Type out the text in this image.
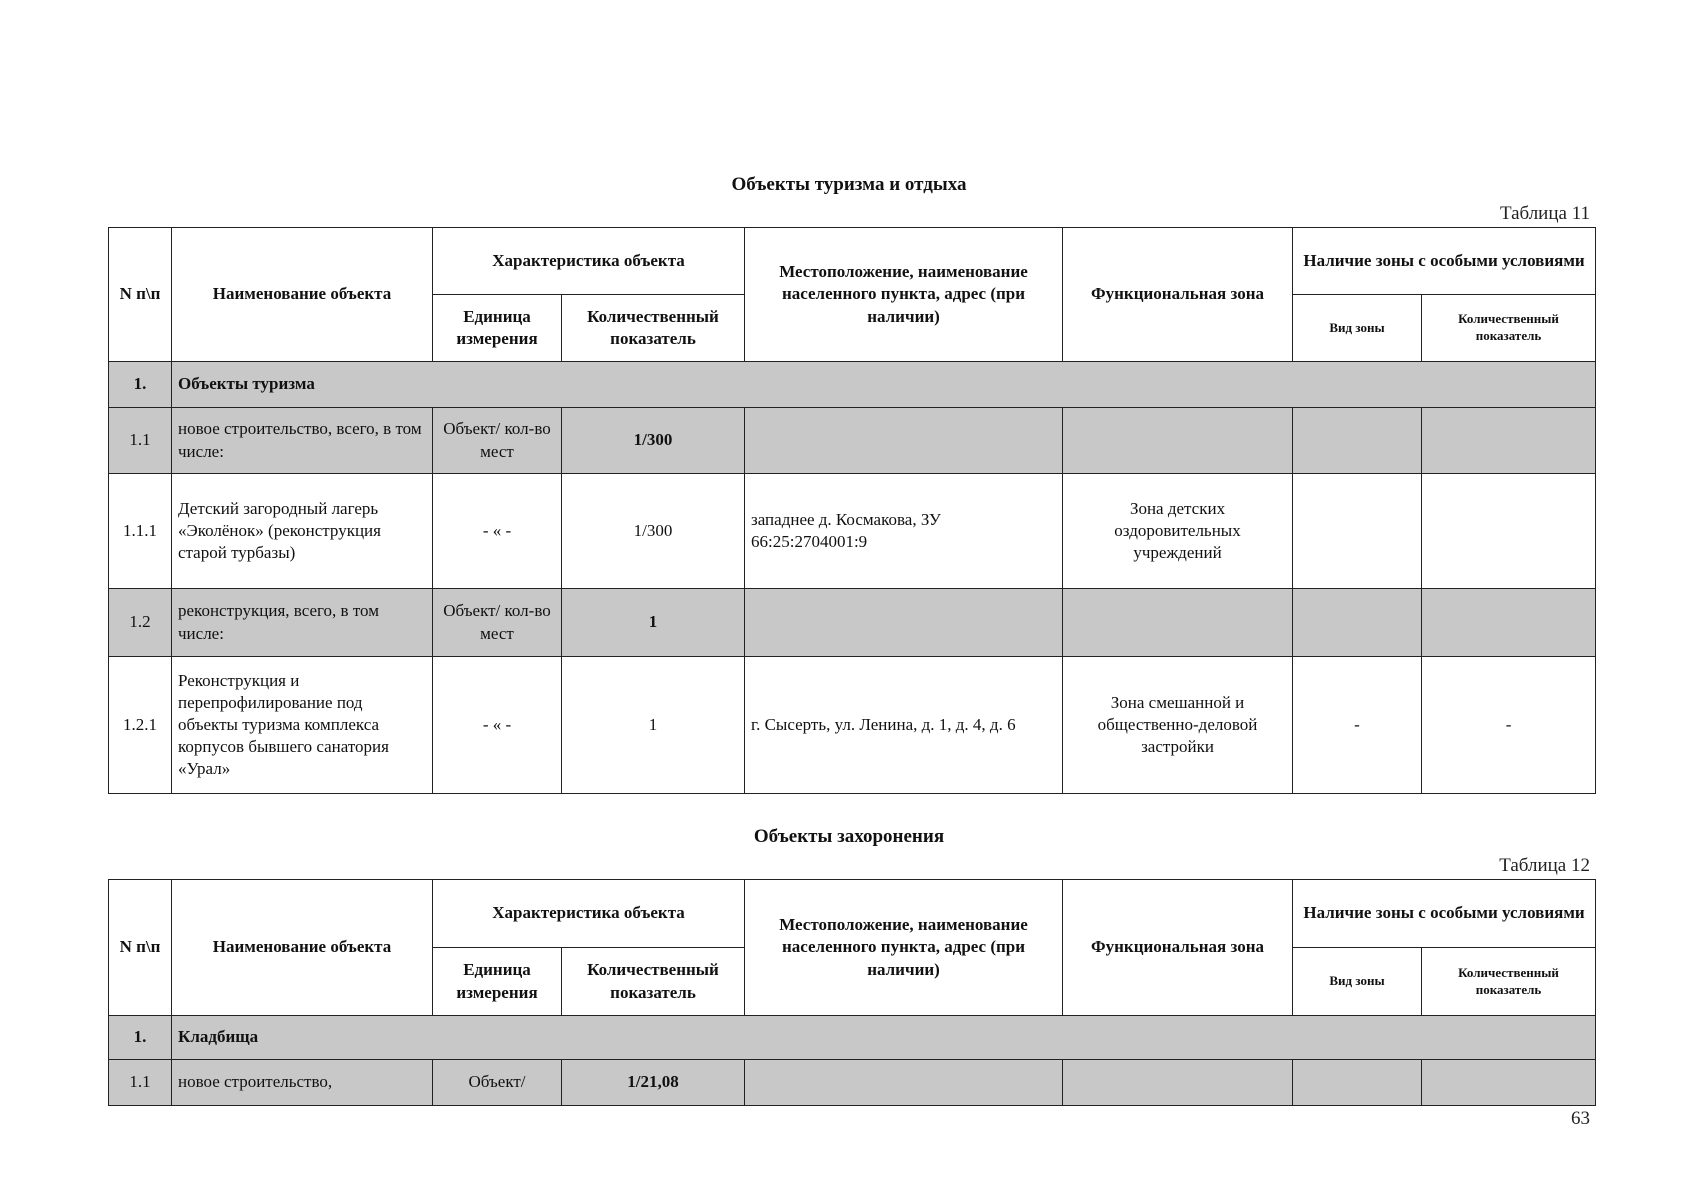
Объекты туризма и отдыха
Таблица 11
N п\п	Наименование объекта	Характеристика объекта		Местоположение, наименование населенного пункта, адрес (при наличии)	Функциональная зона	Наличие зоны с особыми условиями	
		Единица измерения	Количественный показатель			Вид зоны	Количественный показатель
1.	Объекты туризма						
1.1	новое строительство, всего, в том числе:	Объект/ кол-во мест	1/300				
1.1.1	Детский загородный лагерь «Эколёнок» (реконструкция старой турбазы)	- « -	1/300	западнее д. Космакова, ЗУ 66:25:2704001:9	Зона детских оздоровительных учреждений		
1.2	реконструкция, всего, в том числе:	Объект/ кол-во мест	1				
1.2.1	Реконструкция и перепрофилирование под объекты туризма комплекса корпусов бывшего санатория «Урал»	- « -	1	г. Сысерть, ул. Ленина, д. 1, д. 4, д. 6	Зона смешанной и общественно-деловой застройки	-	-
Объекты захоронения
Таблица 12
N п\п	Наименование объекта	Характеристика объекта		Местоположение, наименование населенного пункта, адрес (при наличии)	Функциональная зона	Наличие зоны с особыми условиями	
		Единица измерения	Количественный показатель			Вид зоны	Количественный показатель
1.	Кладбища						
1.1	новое строительство,	Объект/	1/21,08				
63
